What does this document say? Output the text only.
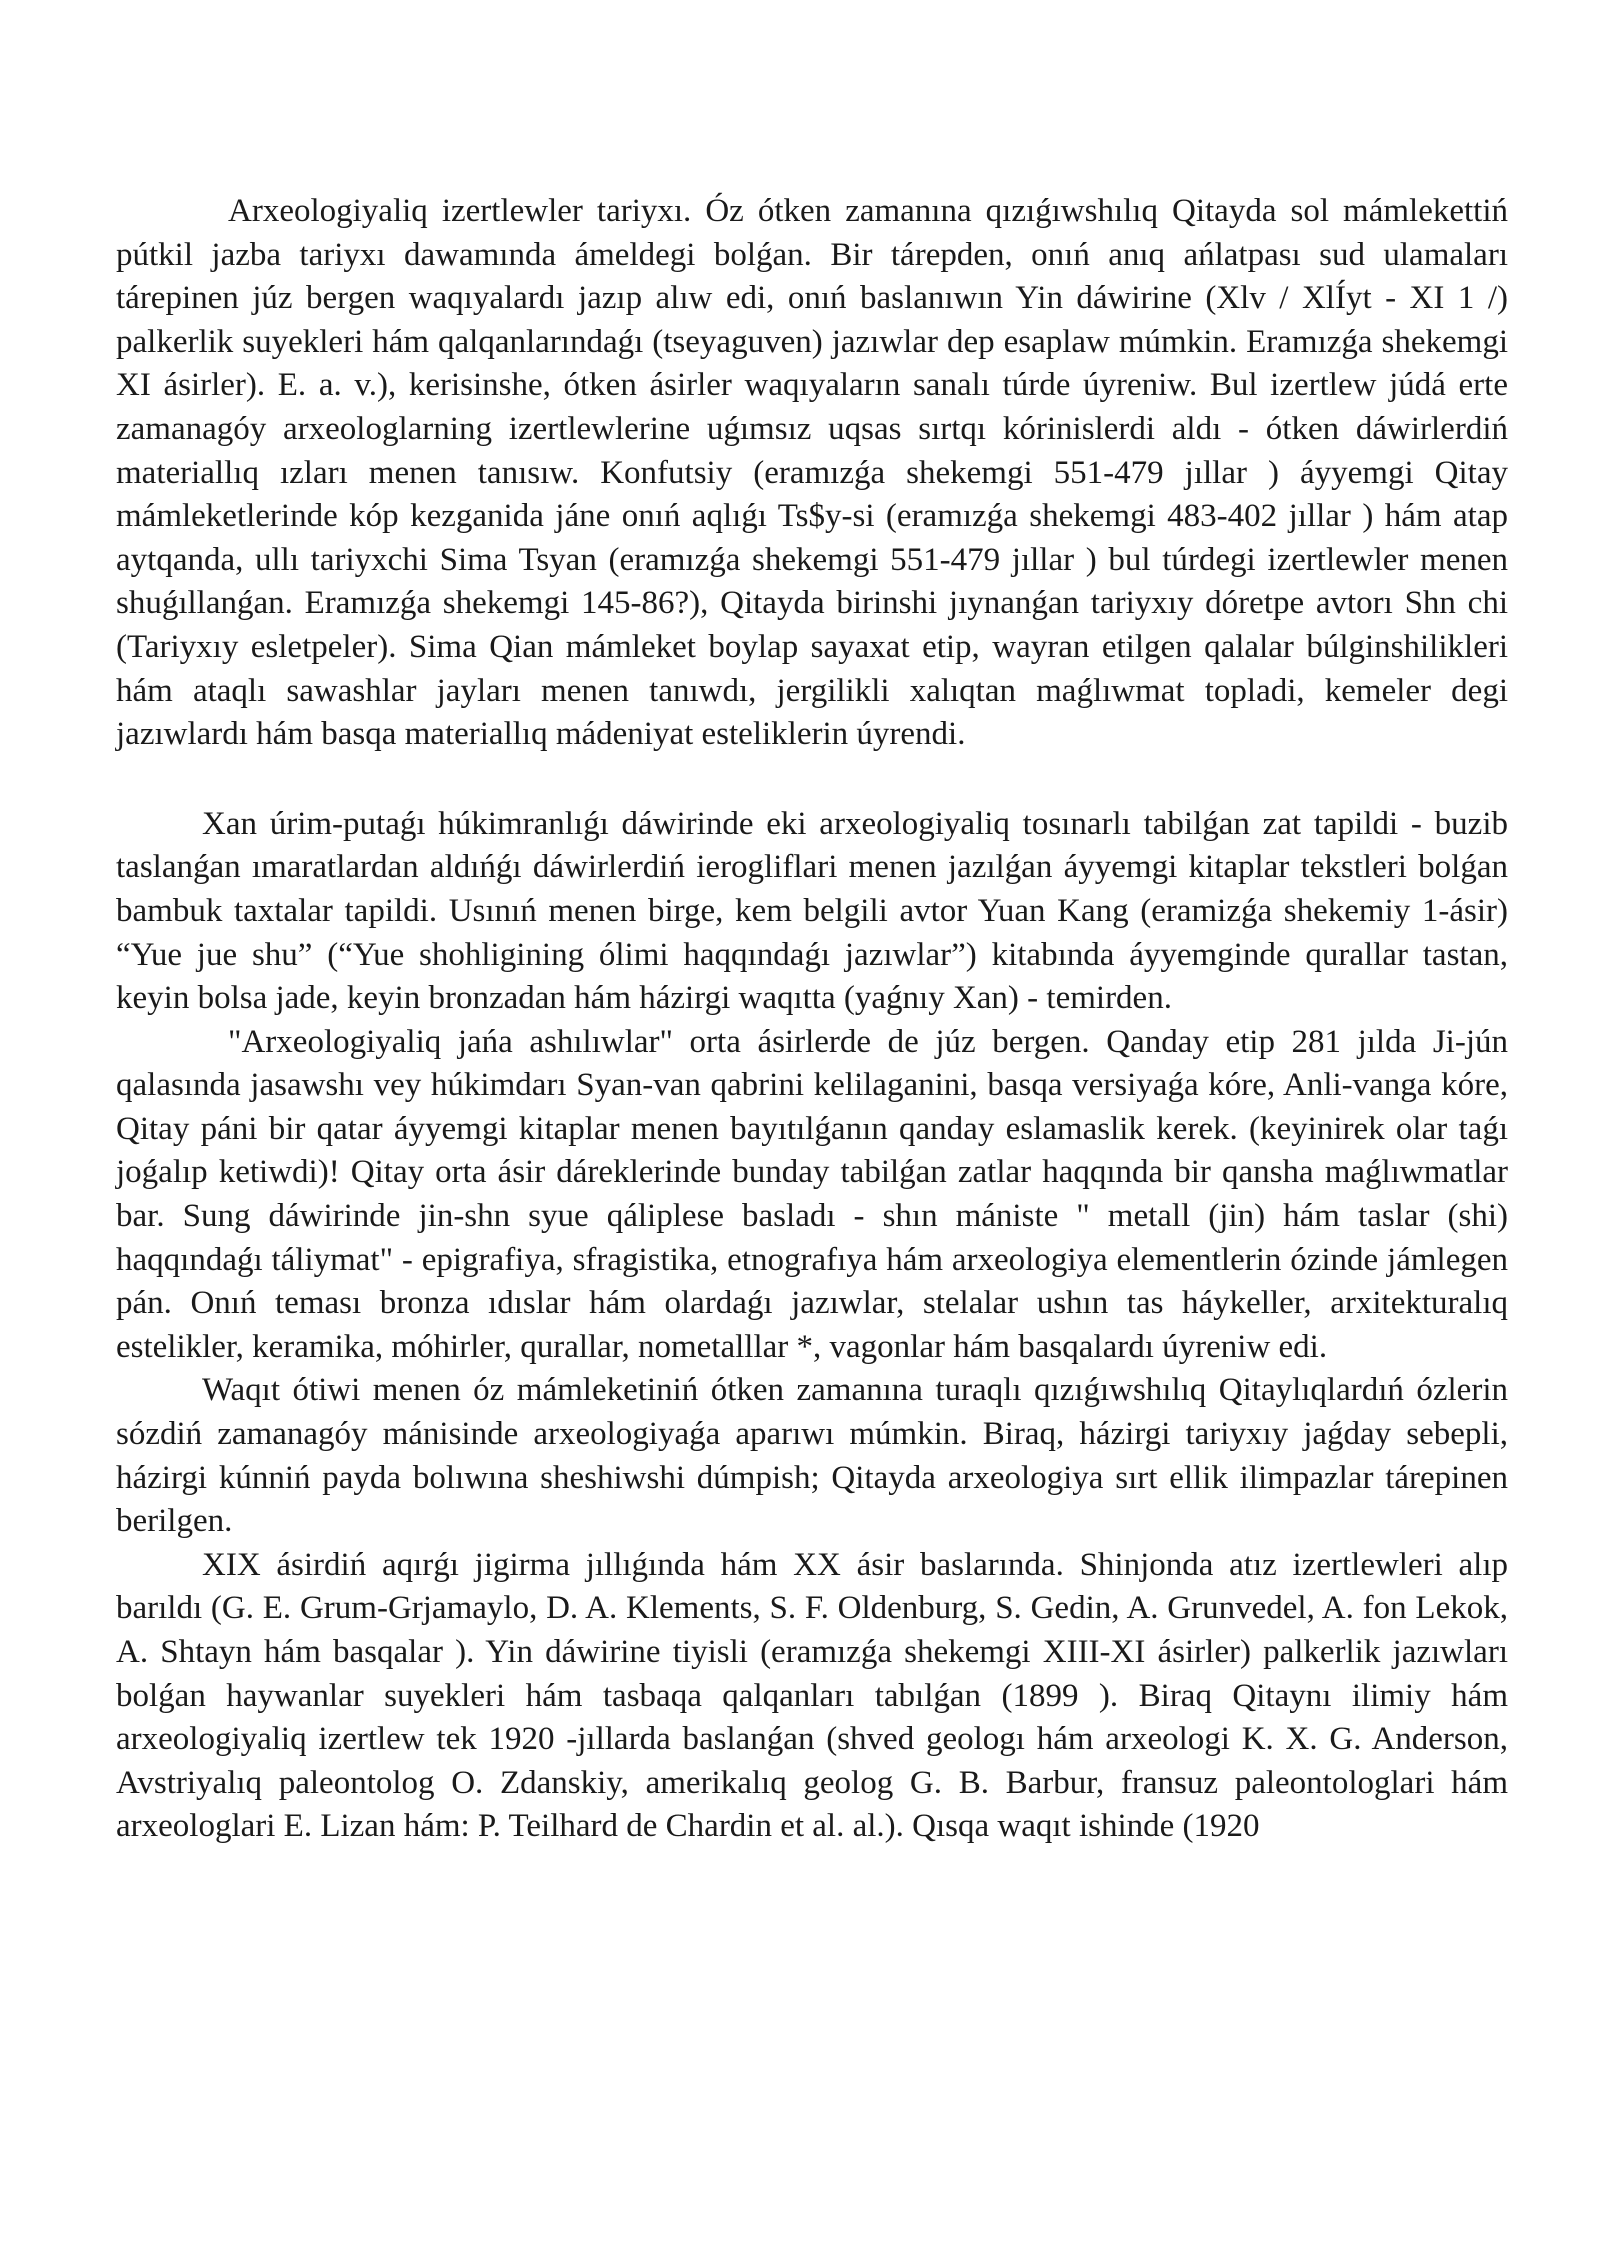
Arxeologiyaliq izertlewler tariyxı. Óz ótken zamanına qızıǵıwshılıq Qitayda sol mámlekettiń pútkil jazba tariyxı dawamında ámeldegi bolǵan. Bir tárepden, onıń anıq ańlatpası sud ulamaları tárepinen júz bergen waqıyalardı jazıp alıw edi, onıń baslanıwın Yin dáwirine (Xlv / XlÍyt - XI 1 /) palkerlik suyekleri hám qalqanlarındaǵı (tseyaguven) jazıwlar dep esaplaw múmkin. Eramızǵa shekemgi XI ásirler). E. a. v.), kerisinshe, ótken ásirler waqıyaların sanalı túrde úyreniw. Bul izertlew júdá erte zamanagóy arxeologlarning izertlewlerine uǵımsız uqsas sırtqı kórinislerdi aldı - ótken dáwirlerdiń materiallıq ızları menen tanısıw. Konfutsiy (eramızǵa shekemgi 551-479 jıllar ) áyyemgi Qitay mámleketlerinde kóp kezganida jáne onıń aqlıǵı Ts$y-si (eramızǵa shekemgi 483-402 jıllar ) hám atap aytqanda, ullı tariyxchi Sima Tsyan (eramızǵa shekemgi 551-479 jıllar ) bul túrdegi izertlewler menen shuǵıllanǵan. Eramızǵa shekemgi 145-86?), Qitayda birinshi jıynanǵan tariyxıy dóretpe avtorı Shn chi (Tariyxıy esletpeler). Sima Qian mámleket boylap sayaxat etip, wayran etilgen qalalar búlginshilikleri hám ataqlı sawashlar jayları menen tanıwdı, jergilikli xalıqtan maǵlıwmat topladi, kemeler degi jazıwlardı hám basqa materiallıq mádeniyat esteliklerin úyrendi.

Xan úrim-putaǵı húkimranlıǵı dáwirinde eki arxeologiyaliq tosınarlı tabilǵan zat tapildi - buzib taslanǵan ımaratlardan aldıńǵı dáwirlerdiń ierogliflari menen jazılǵan áyyemgi kitaplar tekstleri bolǵan bambuk taxtalar tapildi. Usınıń menen birge, kem belgili avtor Yuan Kang (eramizǵa shekemiy 1-ásir) “Yue jue shu” (“Yue shohligining ólimi haqqındaǵı jazıwlar”) kitabında áyyemginde qurallar tastan, keyin bolsa jade, keyin bronzadan hám házirgi waqıtta (yaǵnıy Xan) - temirden.

"Arxeologiyaliq jańa ashılıwlar" orta ásirlerde de júz bergen. Qanday etip 281 jılda Ji-jún qalasında jasawshı vey húkimdarı Syan-van qabrini kelilaganini, basqa versiyaǵa kóre, Anli-vanga kóre, Qitay páni bir qatar áyyemgi kitaplar menen bayıtılǵanın qanday eslamaslik kerek. (keyinirek olar taǵı joǵalıp ketiwdi)! Qitay orta ásir dáreklerinde bunday tabilǵan zatlar haqqında bir qansha maǵlıwmatlar bar. Sung dáwirinde jin-shn syue qáliplese basladı - shın mániste " metall (jin) hám taslar (shi) haqqındaǵı táliymat" - epigrafiya, sfragistika, etnografıya hám arxeologiya elementlerin ózinde jámlegen pán. Onıń teması bronza ıdıslar hám olardaǵı jazıwlar, stelalar ushın tas háykeller, arxitekturalıq estelikler, keramika, móhirler, qurallar, nometalllar *, vagonlar hám basqalardı úyreniw edi.

Waqıt ótiwi menen óz mámleketiniń ótken zamanına turaqlı qızıǵıwshılıq Qitaylıqlardıń ózlerin sózdiń zamanagóy mánisinde arxeologiyaǵa aparıwı múmkin. Biraq, házirgi tariyxıy jaǵday sebepli, házirgi kúnniń payda bolıwına sheshiwshi dúmpish; Qitayda arxeologiya sırt ellik ilimpazlar tárepinen berilgen.

XIX ásirdiń aqırǵı jigirma jıllıǵında hám XX ásir baslarında. Shinjonda atız izertlewleri alıp barıldı (G. E. Grum-Grjamaylo, D. A. Klements, S. F. Oldenburg, S. Gedin, A. Grunvedel, A. fon Lekok, A. Shtayn hám basqalar ). Yin dáwirine tiyisli (eramızǵa shekemgi XIII-XI ásirler) palkerlik jazıwları bolǵan haywanlar suyekleri hám tasbaqa qalqanları tabılǵan (1899 ). Biraq Qitaynı ilimiy hám arxeologiyaliq izertlew tek 1920 -jıllarda baslanǵan (shved geologı hám arxeologi K. X. G. Anderson, Avstriyalıq paleontolog O. Zdanskiy, amerikalıq geolog G. B. Barbur, fransuz paleontologlari hám arxeologlari E. Lizan hám: P. Teilhard de Chardin et al. al.). Qısqa waqıt ishinde (1920
